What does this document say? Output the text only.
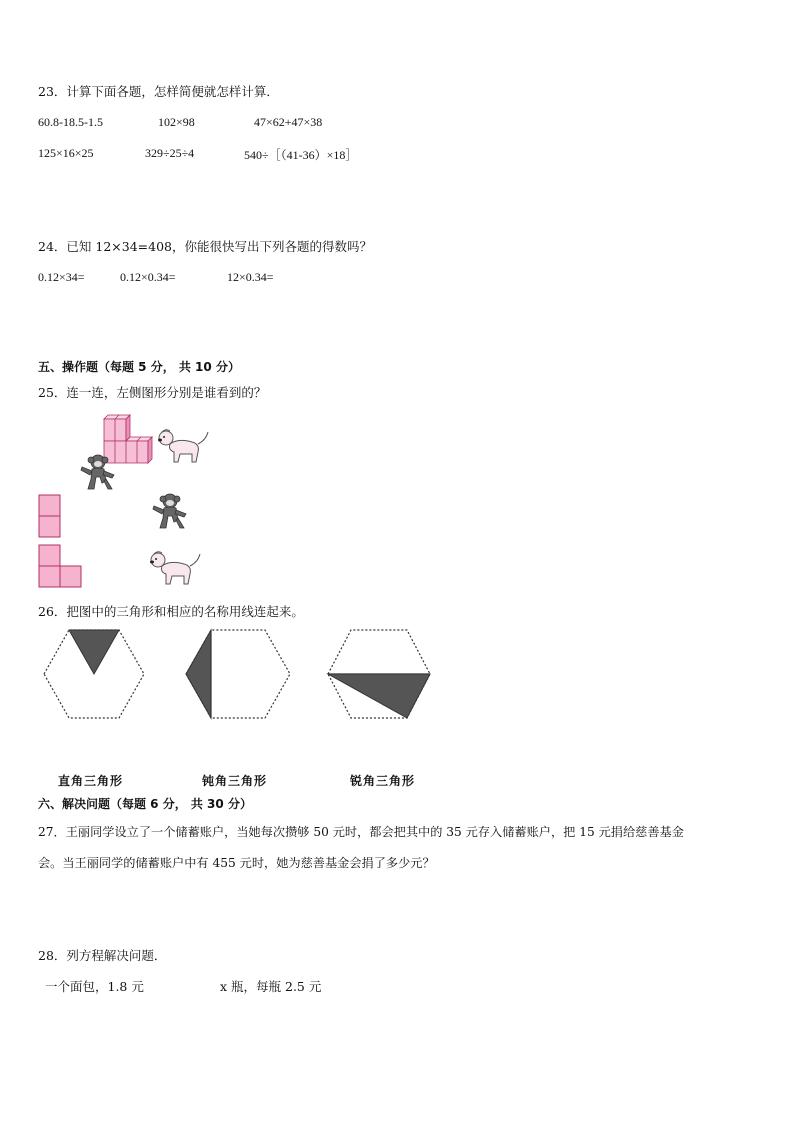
23．计算下面各题，怎样简便就怎样计算．
60.8-18.5-1.5	102×98	47×62+47×38
125×16×25	329÷25÷4	540÷［（41-36）×18］
24．已知 12×34=408，你能很快写出下列各题的得数吗？
0.12×34=	0.12×0.34=	12×0.34=
五、操作题（每题 5 分， 共 10 分）
25．连一连，左侧图形分别是谁看到的？
26．把图中的三角形和相应的名称用线连起来。
直角三角形	钝角三角形	锐角三角形
六、解决问题（每题 6 分， 共 30 分）
27．王丽同学设立了一个储蓄账户，当她每次攒够 50 元时，都会把其中的 35 元存入储蓄账户，把 15 元捐给慈善基金
会。当王丽同学的储蓄账户中有 455 元时，她为慈善基金会捐了多少元？
28．列方程解决问题．
一个面包，1.8 元	x 瓶，每瓶 2.5 元
